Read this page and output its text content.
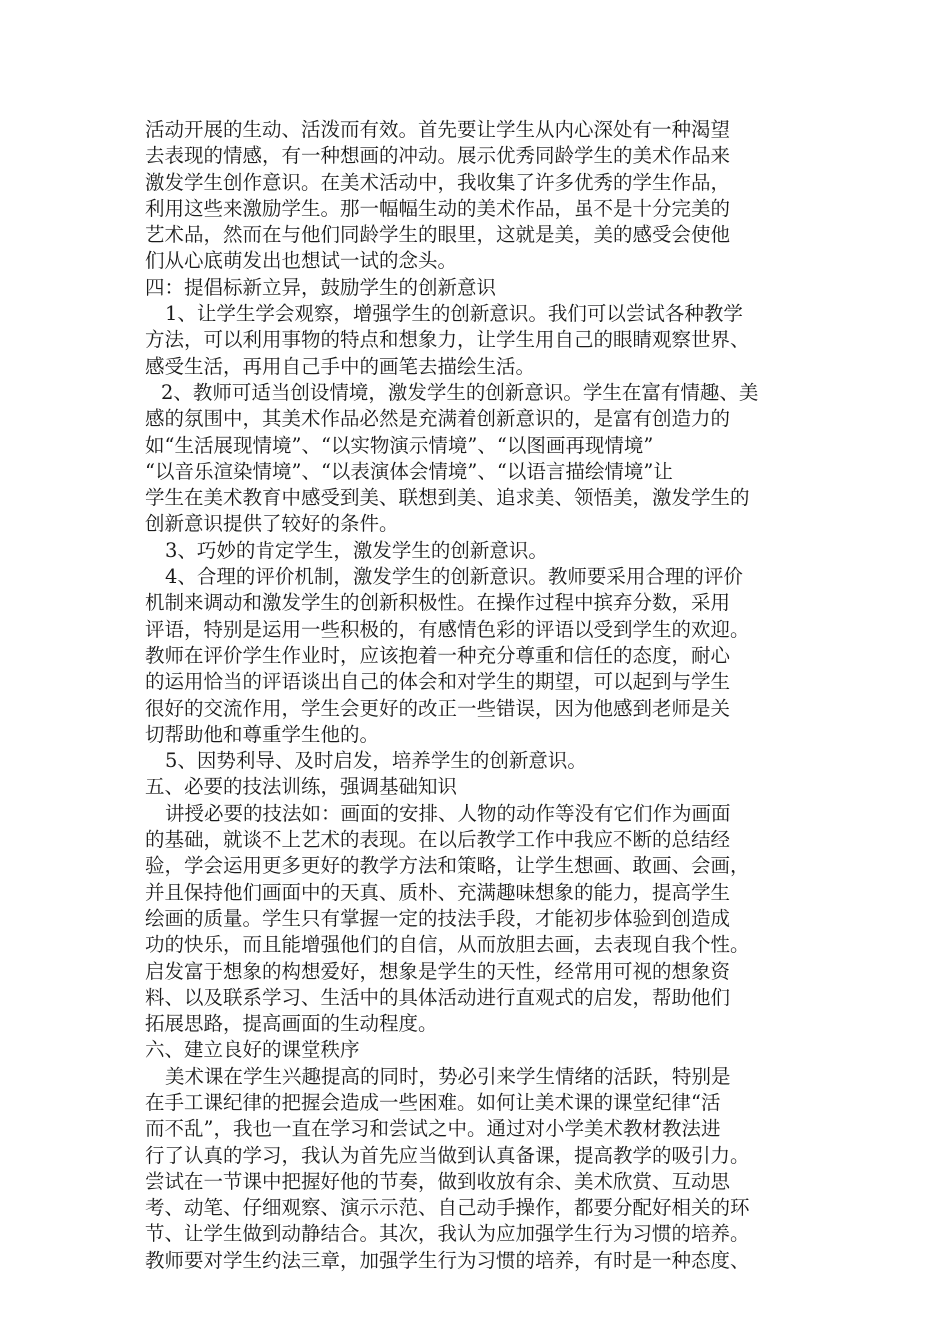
活动开展的生动、活泼而有效。首先要让学生从内心深处有一种渴望
去表现的情感，有一种想画的冲动。展示优秀同龄学生的美术作品来
激发学生创作意识。在美术活动中，我收集了许多优秀的学生作品，
利用这些来激励学生。那一幅幅生动的美术作品，虽不是十分完美的
艺术品，然而在与他们同龄学生的眼里，这就是美，美的感受会使他
们从心底萌发出也想试一试的念头。
四：提倡标新立异，鼓励学生的创新意识
1、让学生学会观察，增强学生的创新意识。我们可以尝试各种教学
方法，可以利用事物的特点和想象力，让学生用自己的眼睛观察世界、
感受生活，再用自己手中的画笔去描绘生活。
2、教师可适当创设情境，激发学生的创新意识。学生在富有情趣、美
感的氛围中，其美术作品必然是充满着创新意识的，是富有创造力的
如“生活展现情境”、“以实物演示情境”、“以图画再现情境”
“以音乐渲染情境”、“以表演体会情境”、“以语言描绘情境”让
学生在美术教育中感受到美、联想到美、追求美、领悟美，激发学生的
创新意识提供了较好的条件。
3、巧妙的肯定学生，激发学生的创新意识。
4、合理的评价机制，激发学生的创新意识。教师要采用合理的评价
机制来调动和激发学生的创新积极性。在操作过程中摈弃分数，采用
评语，特别是运用一些积极的，有感情色彩的评语以受到学生的欢迎。
教师在评价学生作业时，应该抱着一种充分尊重和信任的态度，耐心
的运用恰当的评语谈出自己的体会和对学生的期望，可以起到与学生
很好的交流作用，学生会更好的改正一些错误，因为他感到老师是关
切帮助他和尊重学生他的。
5、因势利导、及时启发，培养学生的创新意识。
五、必要的技法训练，强调基础知识
讲授必要的技法如：画面的安排、人物的动作等没有它们作为画面
的基础，就谈不上艺术的表现。在以后教学工作中我应不断的总结经
验，学会运用更多更好的教学方法和策略，让学生想画、敢画、会画，
并且保持他们画面中的天真、质朴、充满趣味想象的能力，提高学生
绘画的质量。学生只有掌握一定的技法手段，才能初步体验到创造成
功的快乐，而且能增强他们的自信，从而放胆去画，去表现自我个性。
启发富于想象的构想爱好，想象是学生的天性，经常用可视的想象资
料、以及联系学习、生活中的具体活动进行直观式的启发，帮助他们
拓展思路，提高画面的生动程度。
六、建立良好的课堂秩序
美术课在学生兴趣提高的同时，势必引来学生情绪的活跃，特别是
在手工课纪律的把握会造成一些困难。如何让美术课的课堂纪律“活
而不乱”，我也一直在学习和尝试之中。通过对小学美术教材教法进
行了认真的学习，我认为首先应当做到认真备课，提高教学的吸引力。
尝试在一节课中把握好他的节奏，做到收放有余、美术欣赏、互动思
考、动笔、仔细观察、演示示范、自己动手操作，都要分配好相关的环
节、让学生做到动静结合。其次，我认为应加强学生行为习惯的培养。
教师要对学生约法三章，加强学生行为习惯的培养，有时是一种态度、
